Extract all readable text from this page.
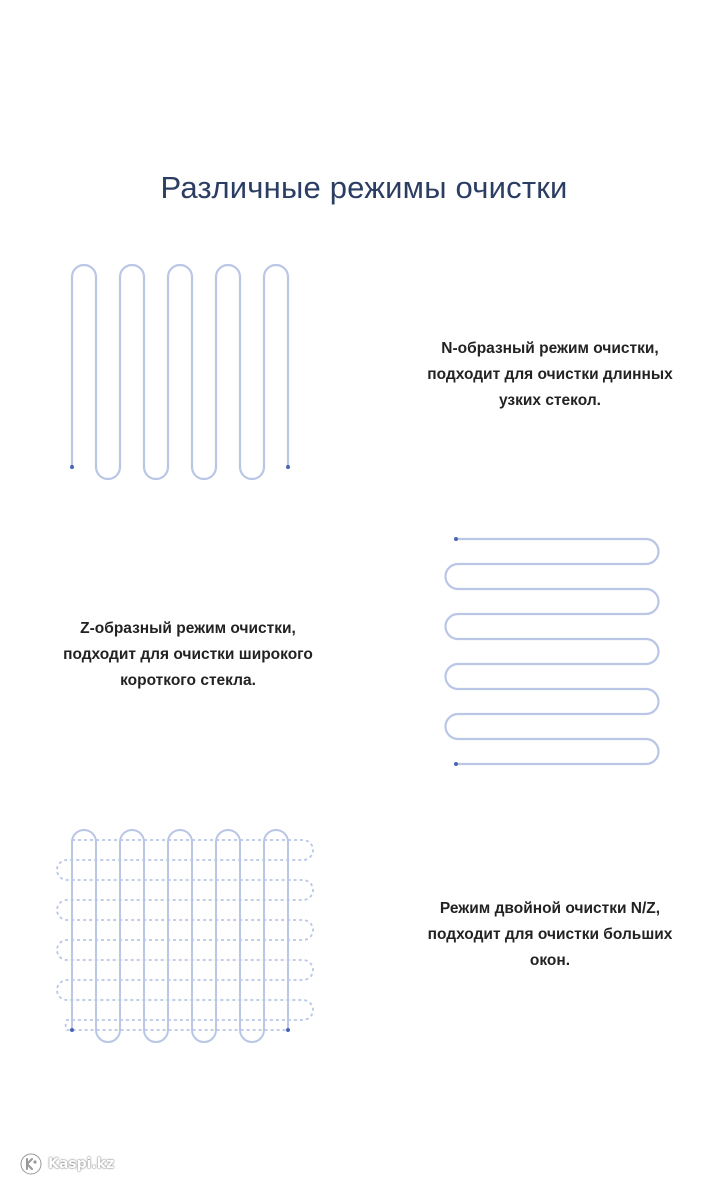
Различные режимы очистки
N-образный режим очистки,
подходит для очистки длинных
узких стекол.
Z-образный режим очистки,
подходит для очистки широкого
короткого стекла.
Режим двойной очистки N/Z,
подходит для очистки больших
окон.
Kaspi.kz
